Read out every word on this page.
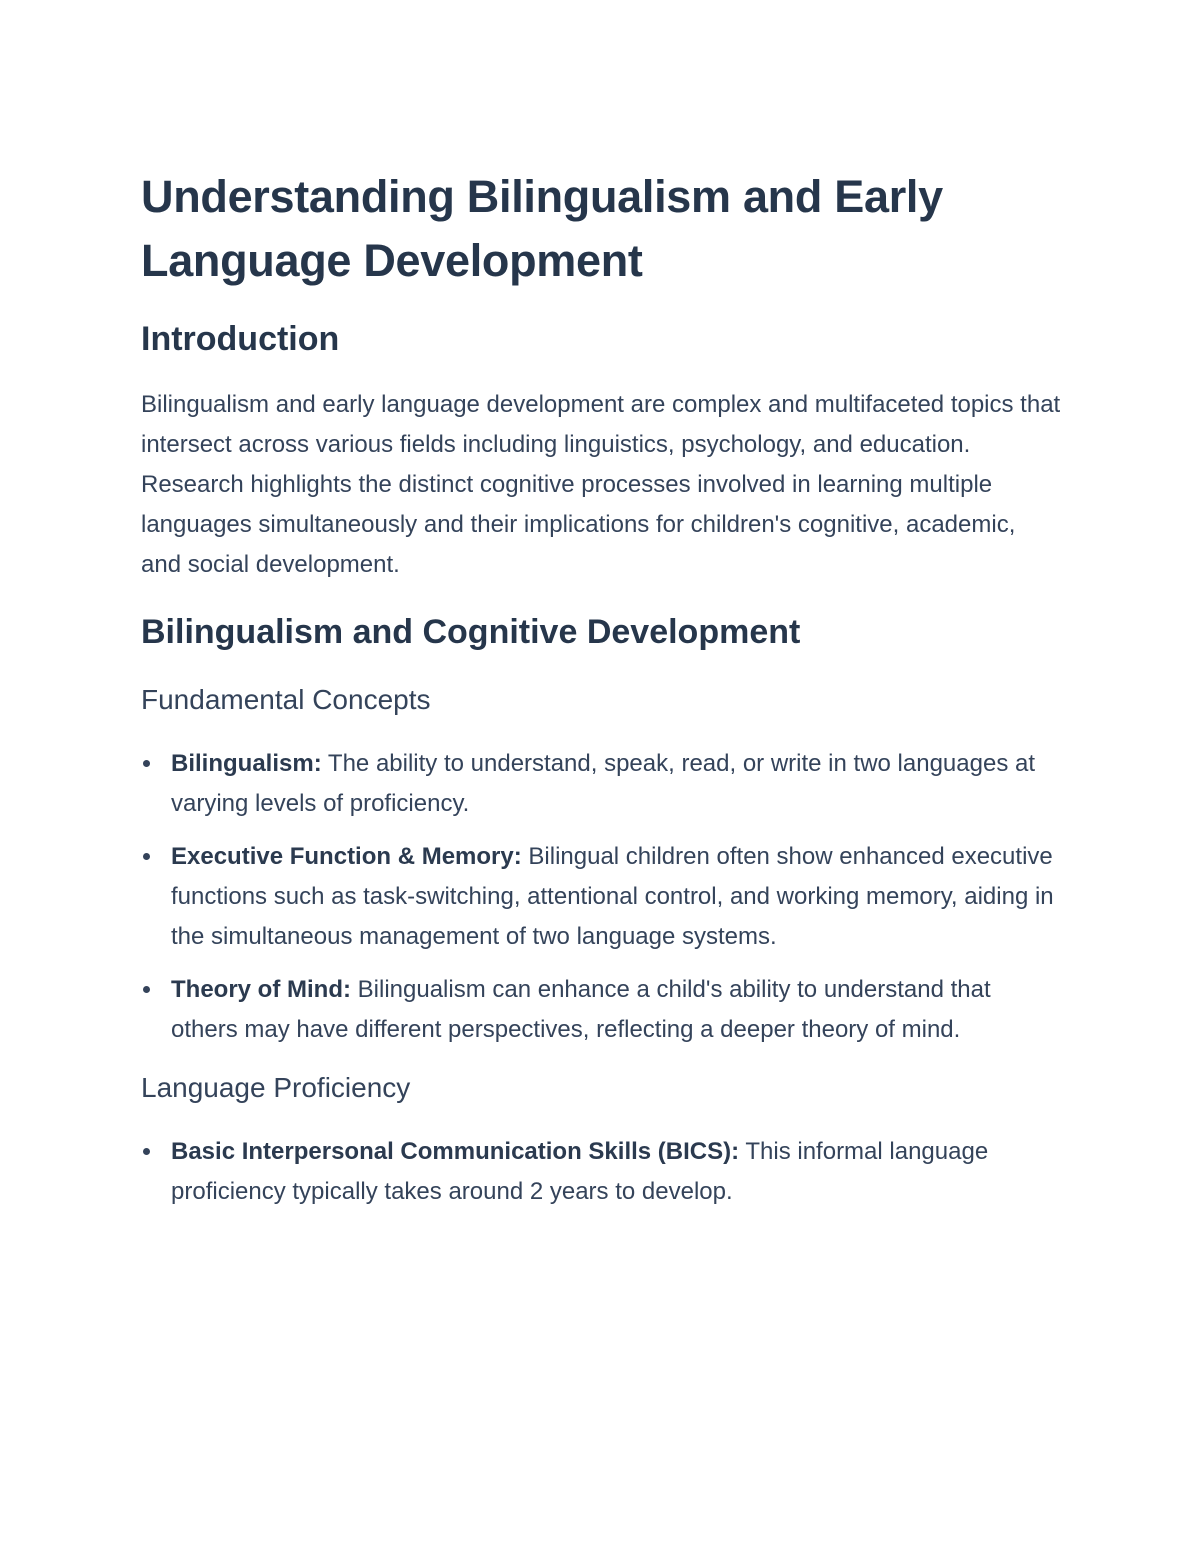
Understanding Bilingualism and Early Language Development
Introduction

Bilingualism and early language development are complex and multifaceted topics that intersect across various fields including linguistics, psychology, and education. Research highlights the distinct cognitive processes involved in learning multiple languages simultaneously and their implications for children's cognitive, academic, and social development.

Bilingualism and Cognitive Development
Fundamental Concepts
Bilingualism: The ability to understand, speak, read, or write in two languages at varying levels of proficiency.
Executive Function & Memory: Bilingual children often show enhanced executive functions such as task-switching, attentional control, and working memory, aiding in the simultaneous management of two language systems.
Theory of Mind: Bilingualism can enhance a child's ability to understand that others may have different perspectives, reflecting a deeper theory of mind.
Language Proficiency
Basic Interpersonal Communication Skills (BICS): This informal language proficiency typically takes around 2 years to develop.
